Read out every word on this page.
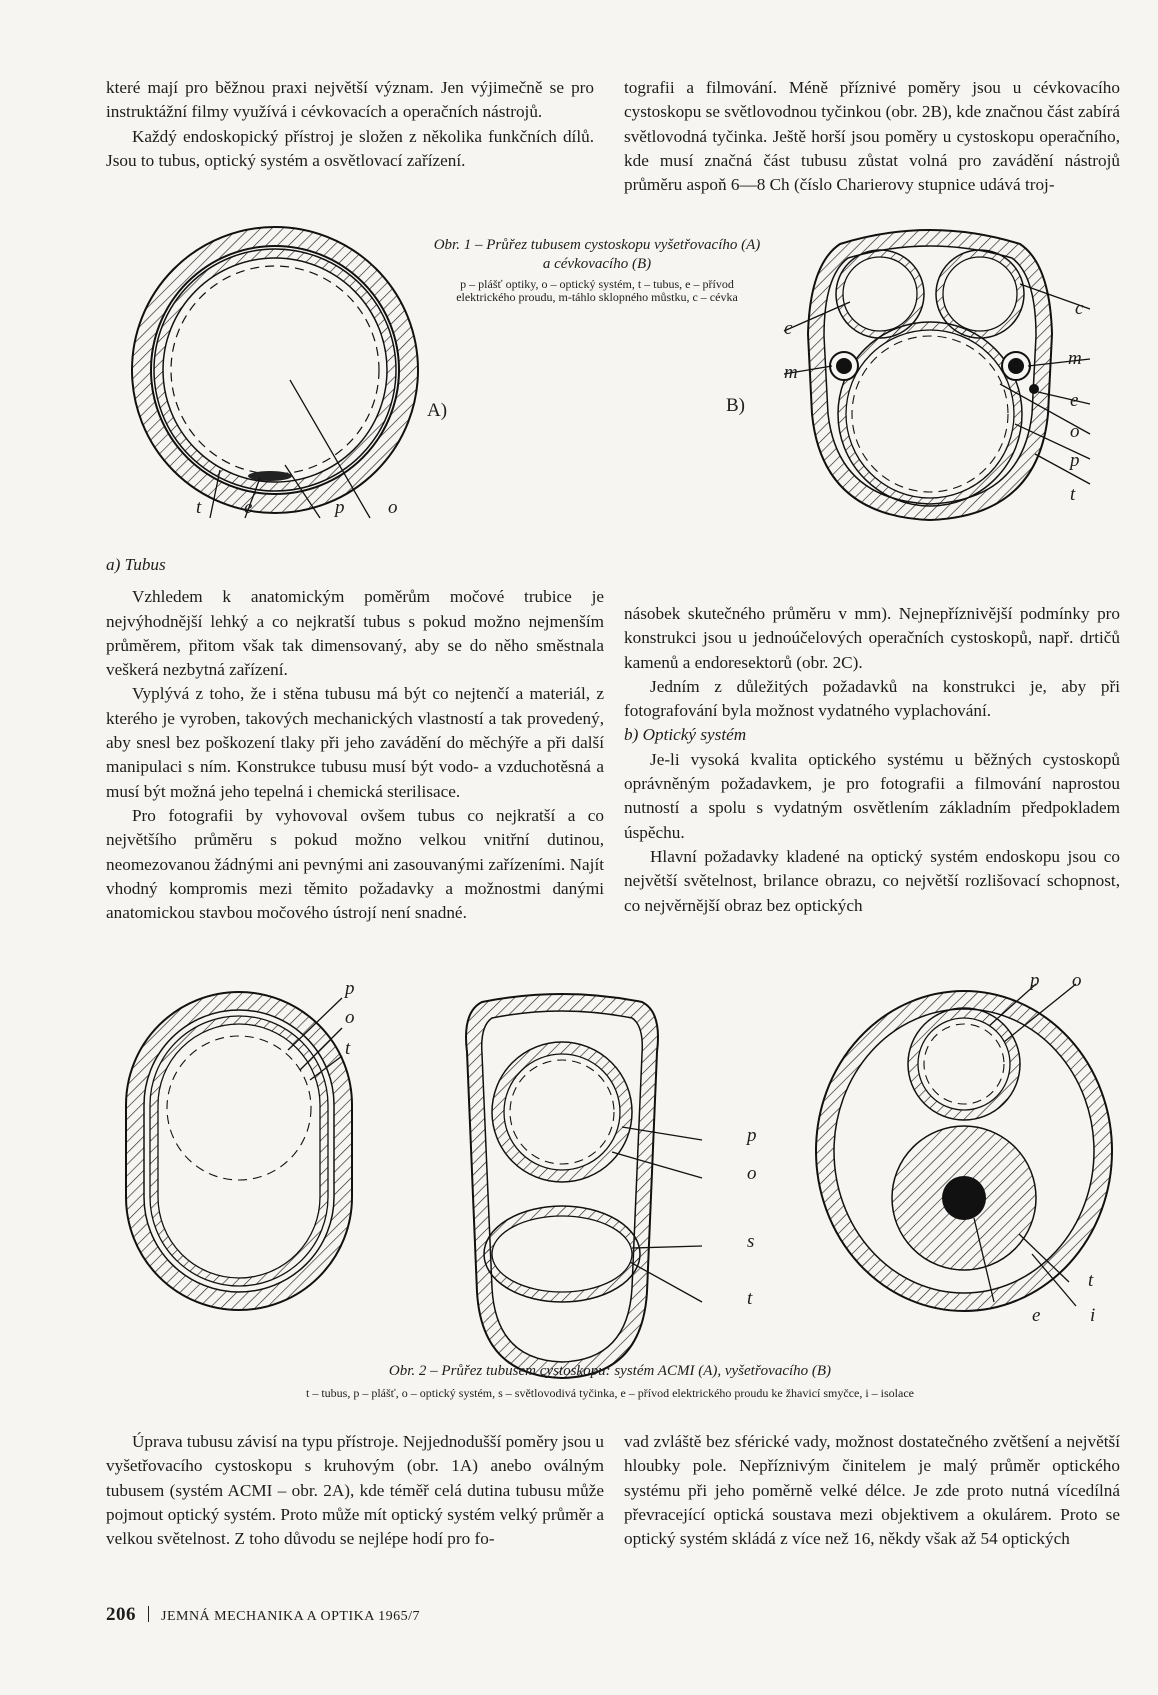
které mají pro běžnou praxi největší význam. Jen výjimečně se pro instruktážní filmy využívá i cévkovacích a operačních nástrojů.

Každý endoskopický přístroj je složen z několika funkčních dílů. Jsou to tubus, optický systém a osvětlovací zařízení.

tografii a filmování. Méně příznivé poměry jsou u cévkovacího cystoskopu se světlovodnou tyčinkou (obr. 2B), kde značnou část zabírá světlovodná tyčinka. Ještě horší jsou poměry u cystoskopu operačního, kde musí značná část tubusu zůstat volná pro zavádění nástrojů průměru aspoň 6—8 Ch (číslo Charierovy stupnice udává troj-

Obr. 1 – Průřez tubusem cystoskopu vyšetřovacího (A) a cévkovacího (B)
p – plášť optiky, o – optický systém, t – tubus, e – přívod elektrického proudu, m-táhlo sklopného můstku, c – cévka
t e	p o
A)
c
m
c
m
e
o
p
t
B)

a) Tubus

Vzhledem k anatomickým poměrům močové trubice je nejvýhodnější lehký a co nejkratší tubus s pokud možno nejmenším průměrem, přitom však tak dimensovaný, aby se do něho směstnala veškerá nezbytná zařízení.

Vyplývá z toho, že i stěna tubusu má být co nejtenčí a materiál, z kterého je vyroben, takových mechanických vlastností a tak provedený, aby snesl bez poškození tlaky při jeho zavádění do měchýře a při další manipulaci s ním. Konstrukce tubusu musí být vodo- a vzduchotěsná a musí být možná jeho tepelná i chemická sterilisace.

Pro fotografii by vyhovoval ovšem tubus co nejkratší a co největšího průměru s pokud možno velkou vnitřní dutinou, neomezovanou žádnými ani pevnými ani zasouvanými zařízeními. Najít vhodný kompromis mezi těmito požadavky a možnostmi danými anatomickou stavbou močového ústrojí není snadné.

násobek skutečného průměru v mm). Nejnepříznivější podmínky pro konstrukci jsou u jednoúčelových operačních cystoskopů, např. drtičů kamenů a endoresektorů (obr. 2C).

Jedním z důležitých požadavků na konstrukci je, aby při fotografování byla možnost vydatného vyplachování.

b) Optický systém

Je-li vysoká kvalita optického systému u běžných cystoskopů oprávněným požadavkem, je pro fotografii a filmování naprostou nutností a spolu s vydatným osvětlením základním předpokladem úspěchu.

Hlavní požadavky kladené na optický systém endoskopu jsou co největší světelnost, brilance obrazu, co největší rozlišovací schopnost, co nejvěrnější obraz bez optických

p
o
t
p
o
s
t
p o
t
e	i
Obr. 2 – Průřez tubusem cystoskopu: systém ACMI (A), vyšetřovacího (B)
t – tubus, p – plášť, o – optický systém, s – světlovodivá tyčinka, e – přívod elektrického proudu ke žhavicí smyčce, i – isolace

Úprava tubusu závisí na typu přístroje. Nejjednodušší poměry jsou u vyšetřovacího cystoskopu s kruhovým (obr. 1A) anebo oválným tubusem (systém ACMI – obr. 2A), kde téměř celá dutina tubusu může pojmout optický systém. Proto může mít optický systém velký průměr a velkou světelnost. Z toho důvodu se nejlépe hodí pro fo-

vad zvláště bez sférické vady, možnost dostatečného zvětšení a největší hloubky pole. Nepříznivým činitelem je malý průměr optického systému při jeho poměrně velké délce. Je zde proto nutná vícedílná převracející optická soustava mezi objektivem a okulárem. Proto se optický systém skládá z více než 16, někdy však až 54 optických

206 JEMNÁ MECHANIKA A OPTIKA 1965/7
